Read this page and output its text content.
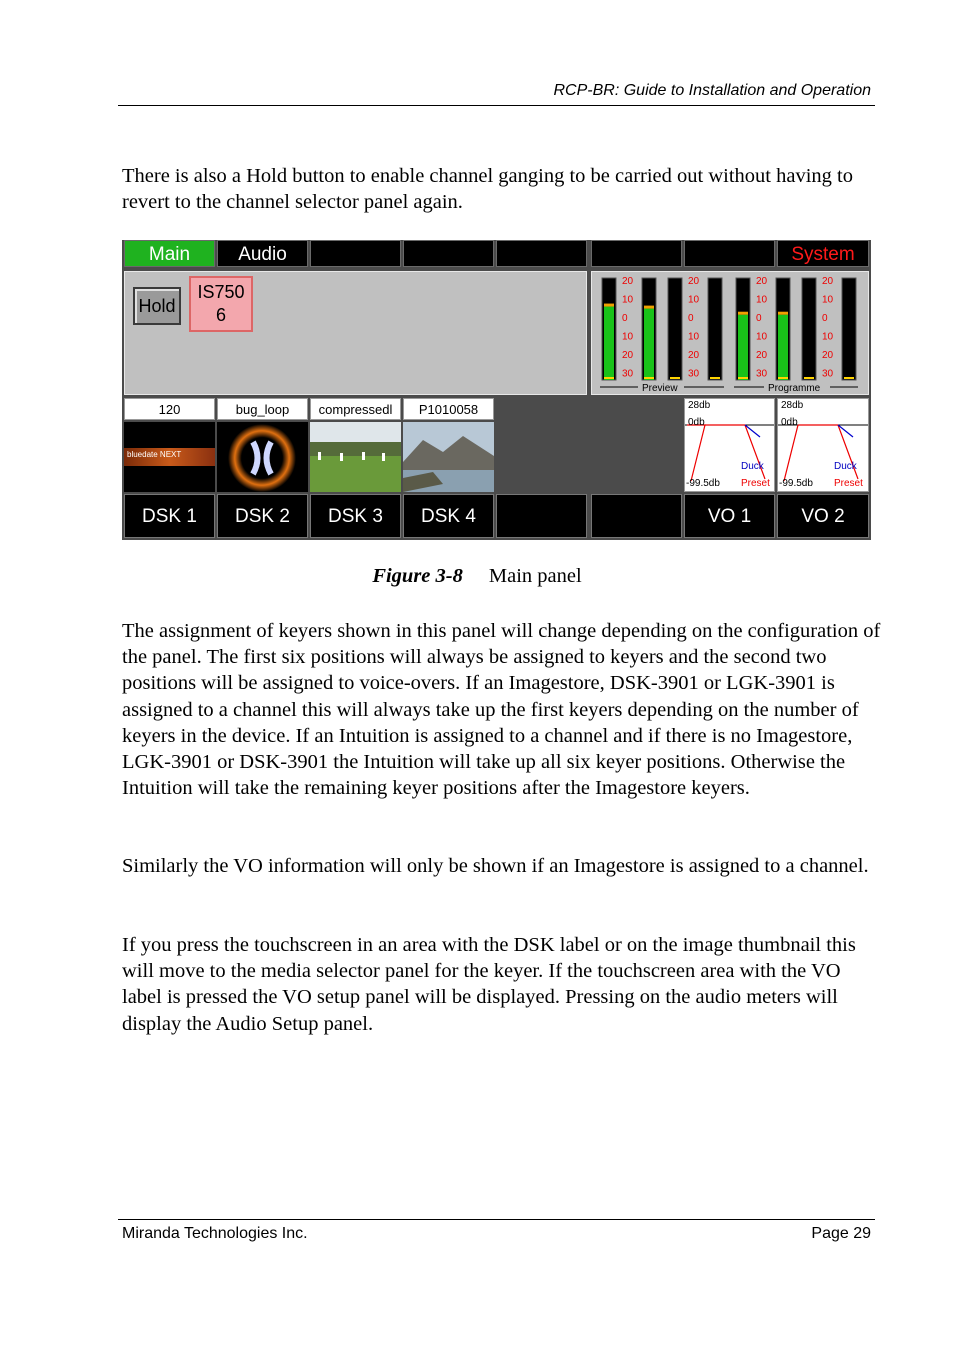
RCP-BR: Guide to Installation and Operation

There is also a Hold button to enable channel ganging to be carried out without having to revert to the channel selector panel again.

Main	Audio	System
Hold
IS750
6
20
10
0
10
20
30
20
10
0
10
20
30
Preview
20
10
0
10
20
30
20
10
0
10
20
30
Programme
120	bug_loop	compressedl	P1010058
bluedate NEXT
28db
0db
Duck
-99.5db Preset
28db
0db
Duck
-99.5db Preset
DSK 1	DSK 2	DSK 3	DSK 4	VO 1	VO 2
Figure 3-8 Main panel

The assignment of keyers shown in this panel will change depending on the configuration of the panel. The first six positions will always be assigned to keyers and the second two positions will be assigned to voice-overs. If an Imagestore, DSK-3901 or LGK-3901 is assigned to a channel this will always take up the first keyers depending on the number of keyers in the device. If an Intuition is assigned to a channel and if there is no Imagestore, LGK-3901 or DSK-3901 the Intuition will take up all six keyer positions. Otherwise the Intuition will take the remaining keyer positions after the Imagestore keyers.

Similarly the VO information will only be shown if an Imagestore is assigned to a channel.

If you press the touchscreen in an area with the DSK label or on the image thumbnail this will move to the media selector panel for the keyer. If the touchscreen area with the VO label is pressed the VO setup panel will be displayed. Pressing on the audio meters will display the Audio Setup panel.

Miranda Technologies Inc.	Page 29
